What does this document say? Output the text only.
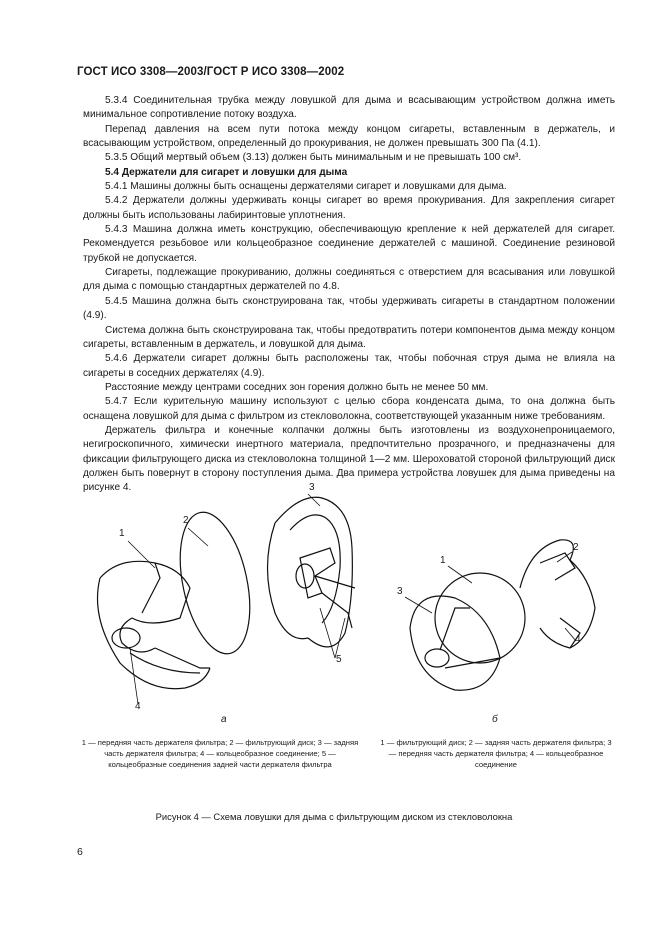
ГОСТ ИСО 3308—2003/ГОСТ Р ИСО 3308—2002

5.3.4 Соединительная трубка между ловушкой для дыма и всасывающим устройством должна иметь минимальное сопротивление потоку воздуха.

Перепад давления на всем пути потока между концом сигареты, вставленным в держатель, и всасывающим устройством, определенный до прокуривания, не должен превышать 300 Па (4.1).

5.3.5 Общий мертвый объем (3.13) должен быть минимальным и не превышать 100 см³.

5.4 Держатели для сигарет и ловушки для дыма

5.4.1 Машины должны быть оснащены держателями сигарет и ловушками для дыма.

5.4.2 Держатели должны удерживать концы сигарет во время прокуривания. Для закрепления сигарет должны быть использованы лабиринтовые уплотнения.

5.4.3 Машина должна иметь конструкцию, обеспечивающую крепление к ней держателей для сигарет. Рекомендуется резьбовое или кольцеобразное соединение держателей с машиной. Соединение резиновой трубкой не допускается.

Сигареты, подлежащие прокуриванию, должны соединяться с отверстием для всасывания или ловушкой для дыма с помощью стандартных держателей по 4.8.

5.4.5 Машина должна быть сконструирована так, чтобы удерживать сигареты в стандартном положении (4.9).

Система должна быть сконструирована так, чтобы предотвратить потери компонентов дыма между концом сигареты, вставленным в держатель, и ловушкой для дыма.

5.4.6 Держатели сигарет должны быть расположены так, чтобы побочная струя дыма не влияла на сигареты в соседних держателях (4.9).

Расстояние между центрами соседних зон горения должно быть не менее 50 мм.

5.4.7 Если курительную машину используют с целью сбора конденсата дыма, то она должна быть оснащена ловушкой для дыма с фильтром из стекловолокна, соответствующей указанным ниже требованиям.

Держатель фильтра и конечные колпачки должны быть изготовлены из воздухонепроницаемого, негигроскопичного, химически инертного материала, предпочтительно прозрачного, и предназначены для фиксации фильтрующего диска из стекловолокна толщиной 1—2 мм. Шероховатой стороной фильтрующий диск должен быть повернут в сторону поступления дыма. Два примера устройства ловушек для дыма приведены на рисунке 4.

1
2
3
4
5
1
2
3
4
а	б
1 — передняя часть держателя фильтра; 2 — фильтрующий диск; 3 — задняя часть держателя фильтра; 4 — кольцеобразное соединение; 5 — кольцеобразные соединения задней части держателя фильтра
1 — фильтрующий диск; 2 — задняя часть держателя фильтра; 3 — передняя часть держателя фильтра; 4 — кольцеобразное соединение
Рисунок 4 — Схема ловушки для дыма с фильтрующим диском из стекловолокна
6
